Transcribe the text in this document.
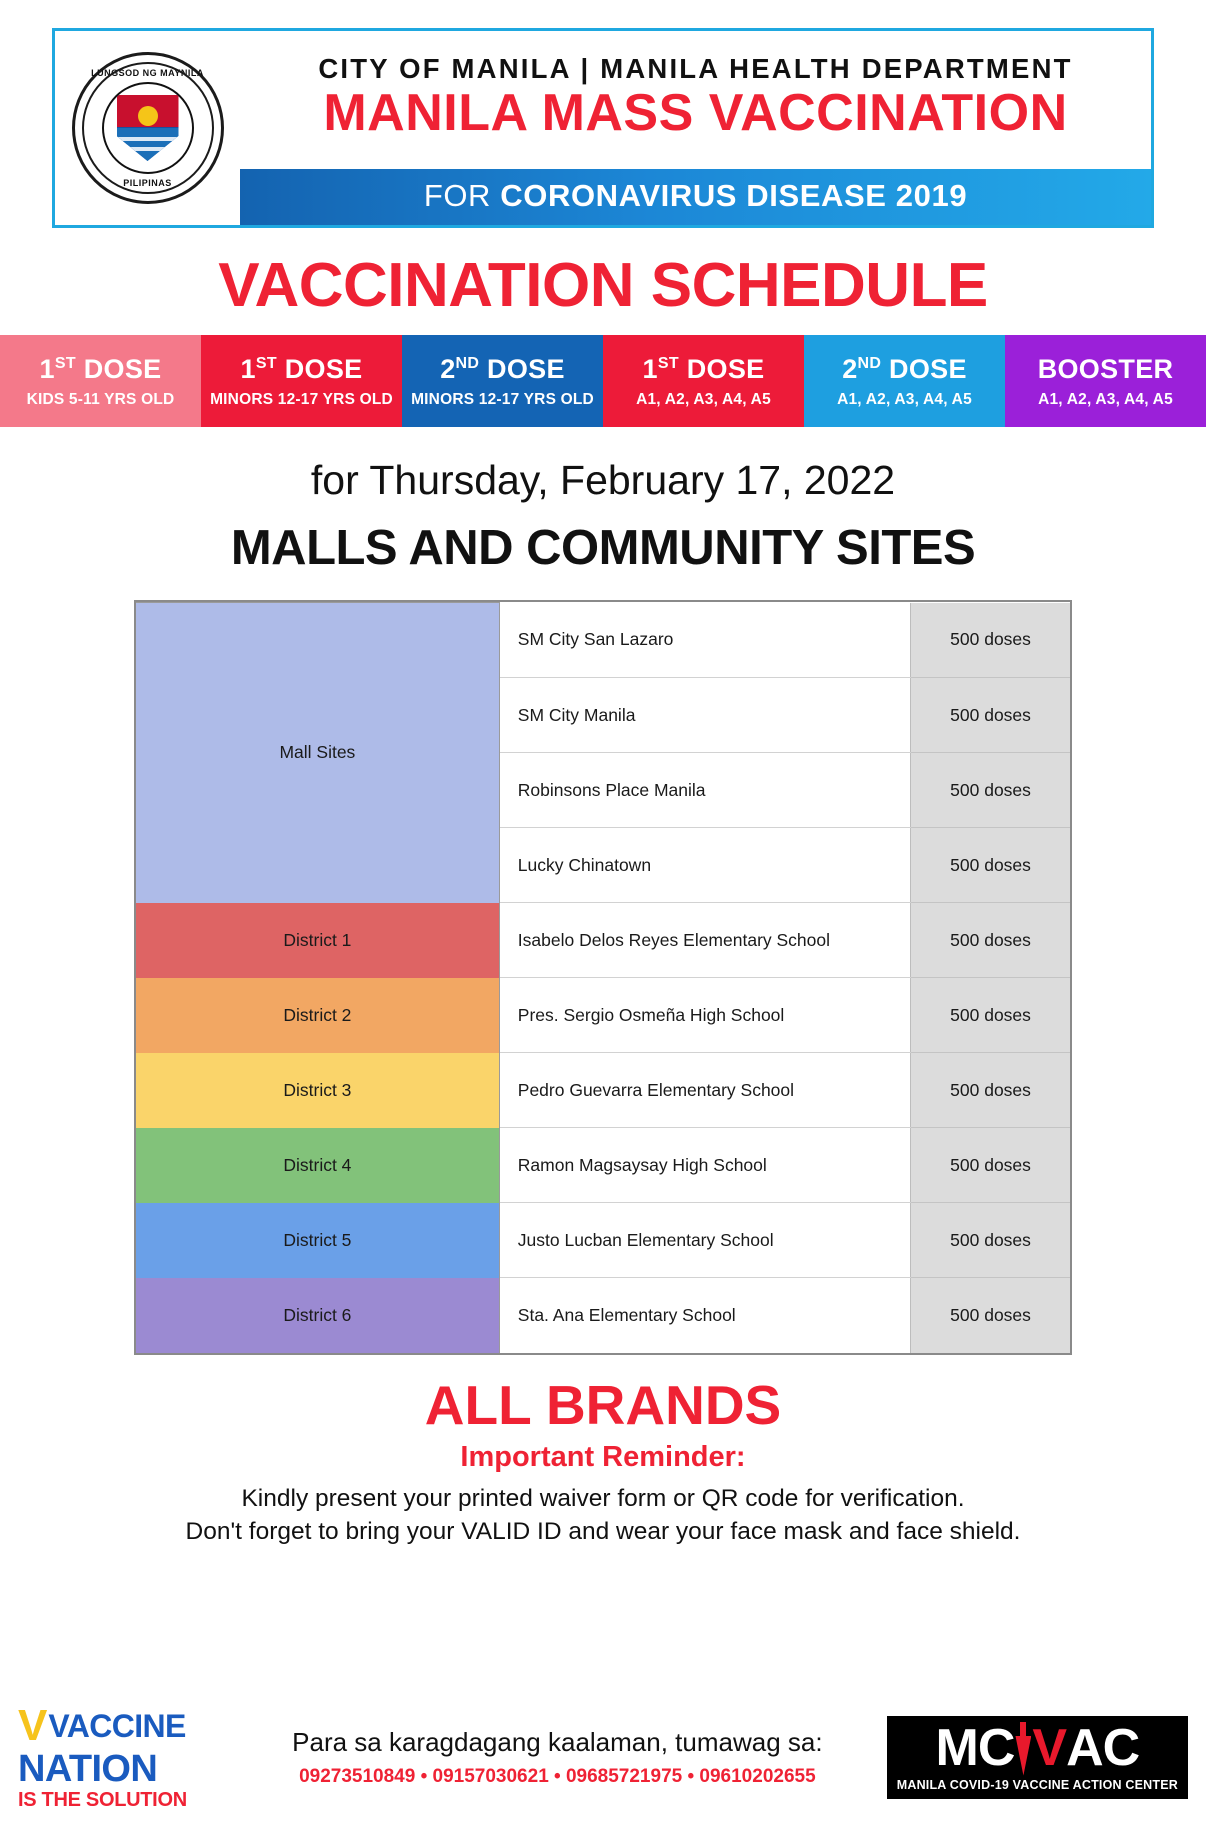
LUNGSOD NG MAYNILA
PILIPINAS
CITY OF MANILA | MANILA HEALTH DEPARTMENT
MANILA MASS VACCINATION
FOR CORONAVIRUS DISEASE 2019
VACCINATION SCHEDULE
1ST DOSE
KIDS 5-11 YRS OLD
1ST DOSE
MINORS 12-17 YRS OLD
2ND DOSE
MINORS 12-17 YRS OLD
1ST DOSE
A1, A2, A3, A4, A5
2ND DOSE
A1, A2, A3, A4, A5
BOOSTER
A1, A2, A3, A4, A5
for Thursday, February 17, 2022
MALLS AND COMMUNITY SITES
Mall Sites	SM City San Lazaro	500 doses
	SM City Manila	500 doses
	Robinsons Place Manila	500 doses
	Lucky Chinatown	500 doses
District 1	Isabelo Delos Reyes Elementary School	500 doses
District 2	Pres. Sergio Osmeña High School	500 doses
District 3	Pedro Guevarra Elementary School	500 doses
District 4	Ramon Magsaysay High School	500 doses
District 5	Justo Lucban Elementary School	500 doses
District 6	Sta. Ana Elementary School	500 doses
ALL BRANDS
Important Reminder:
Kindly present your printed waiver form or QR code for verification.
Don't forget to bring your VALID ID and wear your face mask and face shield.
V VACCINE
NATION
IS THE SOLUTION
Para sa karagdagang kaalaman, tumawag sa:
09273510849 • 09157030621 • 09685721975 • 09610202655	MC V AC
MANILA COVID-19 VACCINE ACTION CENTER
